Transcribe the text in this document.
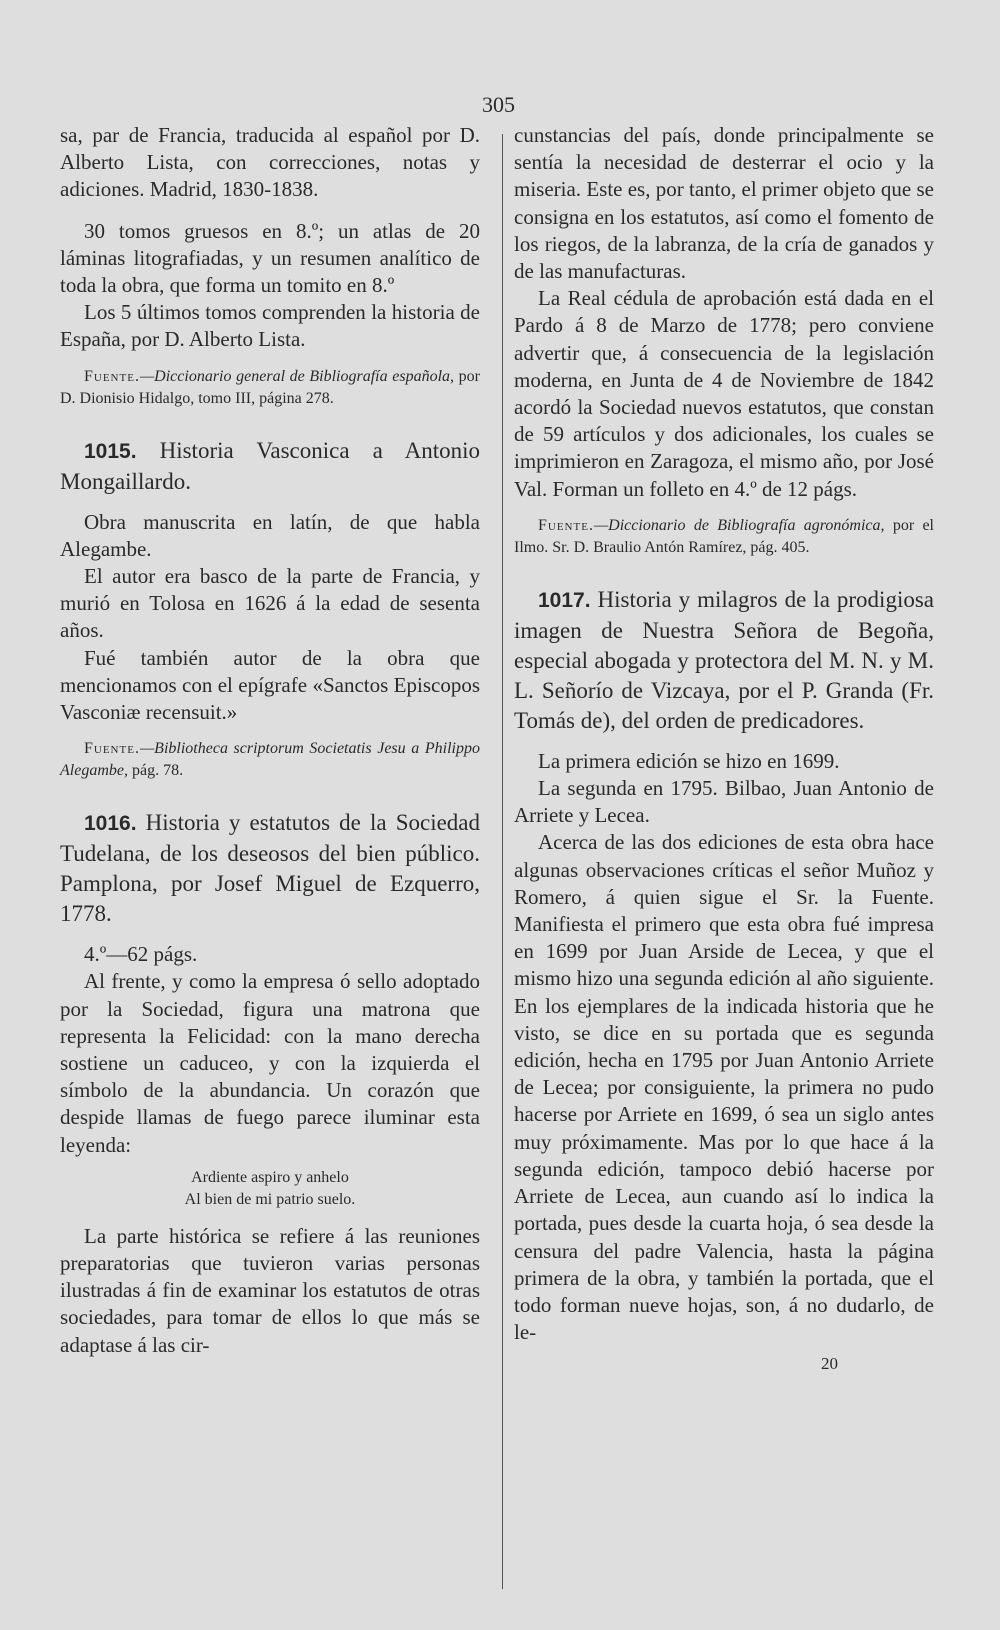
305

sa, par de Francia, traducida al español por D. Alberto Lista, con correcciones, notas y adiciones. Madrid, 1830-1838.

30 tomos gruesos en 8.º; un atlas de 20 láminas litografiadas, y un resumen analítico de toda la obra, que forma un tomito en 8.º

Los 5 últimos tomos comprenden la historia de España, por D. Alberto Lista.

Fuente.—Diccionario general de Bibliografía española, por D. Dionisio Hidalgo, tomo III, página 278.

1015. Historia Vasconica a Antonio Mongaillardo.

Obra manuscrita en latín, de que habla Alegambe.

El autor era basco de la parte de Francia, y murió en Tolosa en 1626 á la edad de sesenta años.

Fué también autor de la obra que mencionamos con el epígrafe «Sanctos Episcopos Vasconiæ recensuit.»

Fuente.—Bibliotheca scriptorum Societatis Jesu a Philippo Alegambe, pág. 78.

1016. Historia y estatutos de la Sociedad Tudelana, de los deseosos del bien público. Pamplona, por Josef Miguel de Ezquerro, 1778.

4.º—62 págs.

Al frente, y como la empresa ó sello adoptado por la Sociedad, figura una matrona que representa la Felicidad: con la mano derecha sostiene un caduceo, y con la izquierda el símbolo de la abundancia. Un corazón que despide llamas de fuego parece iluminar esta leyenda:

Ardiente aspiro y anhelo
Al bien de mi patrio suelo.

La parte histórica se refiere á las reuniones preparatorias que tuvieron varias personas ilustradas á fin de examinar los estatutos de otras sociedades, para tomar de ellos lo que más se adaptase á las cir-

cunstancias del país, donde principalmente se sentía la necesidad de desterrar el ocio y la miseria. Este es, por tanto, el primer objeto que se consigna en los estatutos, así como el fomento de los riegos, de la labranza, de la cría de ganados y de las manufacturas.

La Real cédula de aprobación está dada en el Pardo á 8 de Marzo de 1778; pero conviene advertir que, á consecuencia de la legislación moderna, en Junta de 4 de Noviembre de 1842 acordó la Sociedad nuevos estatutos, que constan de 59 artículos y dos adicionales, los cuales se imprimieron en Zaragoza, el mismo año, por José Val. Forman un folleto en 4.º de 12 págs.

Fuente.—Diccionario de Bibliografía agronómica, por el Ilmo. Sr. D. Braulio Antón Ramírez, pág. 405.

1017. Historia y milagros de la prodigiosa imagen de Nuestra Señora de Begoña, especial abogada y protectora del M. N. y M. L. Señorío de Vizcaya, por el P. Granda (Fr. Tomás de), del orden de predicadores.

La primera edición se hizo en 1699.

La segunda en 1795. Bilbao, Juan Antonio de Arriete y Lecea.

Acerca de las dos ediciones de esta obra hace algunas observaciones críticas el señor Muñoz y Romero, á quien sigue el Sr. la Fuente. Manifiesta el primero que esta obra fué impresa en 1699 por Juan Arside de Lecea, y que el mismo hizo una segunda edición al año siguiente. En los ejemplares de la indicada historia que he visto, se dice en su portada que es segunda edición, hecha en 1795 por Juan Antonio Arriete de Lecea; por consiguiente, la primera no pudo hacerse por Arriete en 1699, ó sea un siglo antes muy próximamente. Mas por lo que hace á la segunda edición, tampoco debió hacerse por Arriete de Lecea, aun cuando así lo indica la portada, pues desde la cuarta hoja, ó sea desde la censura del padre Valencia, hasta la página primera de la obra, y también la portada, que el todo forman nueve hojas, son, á no dudarlo, de le-

20
